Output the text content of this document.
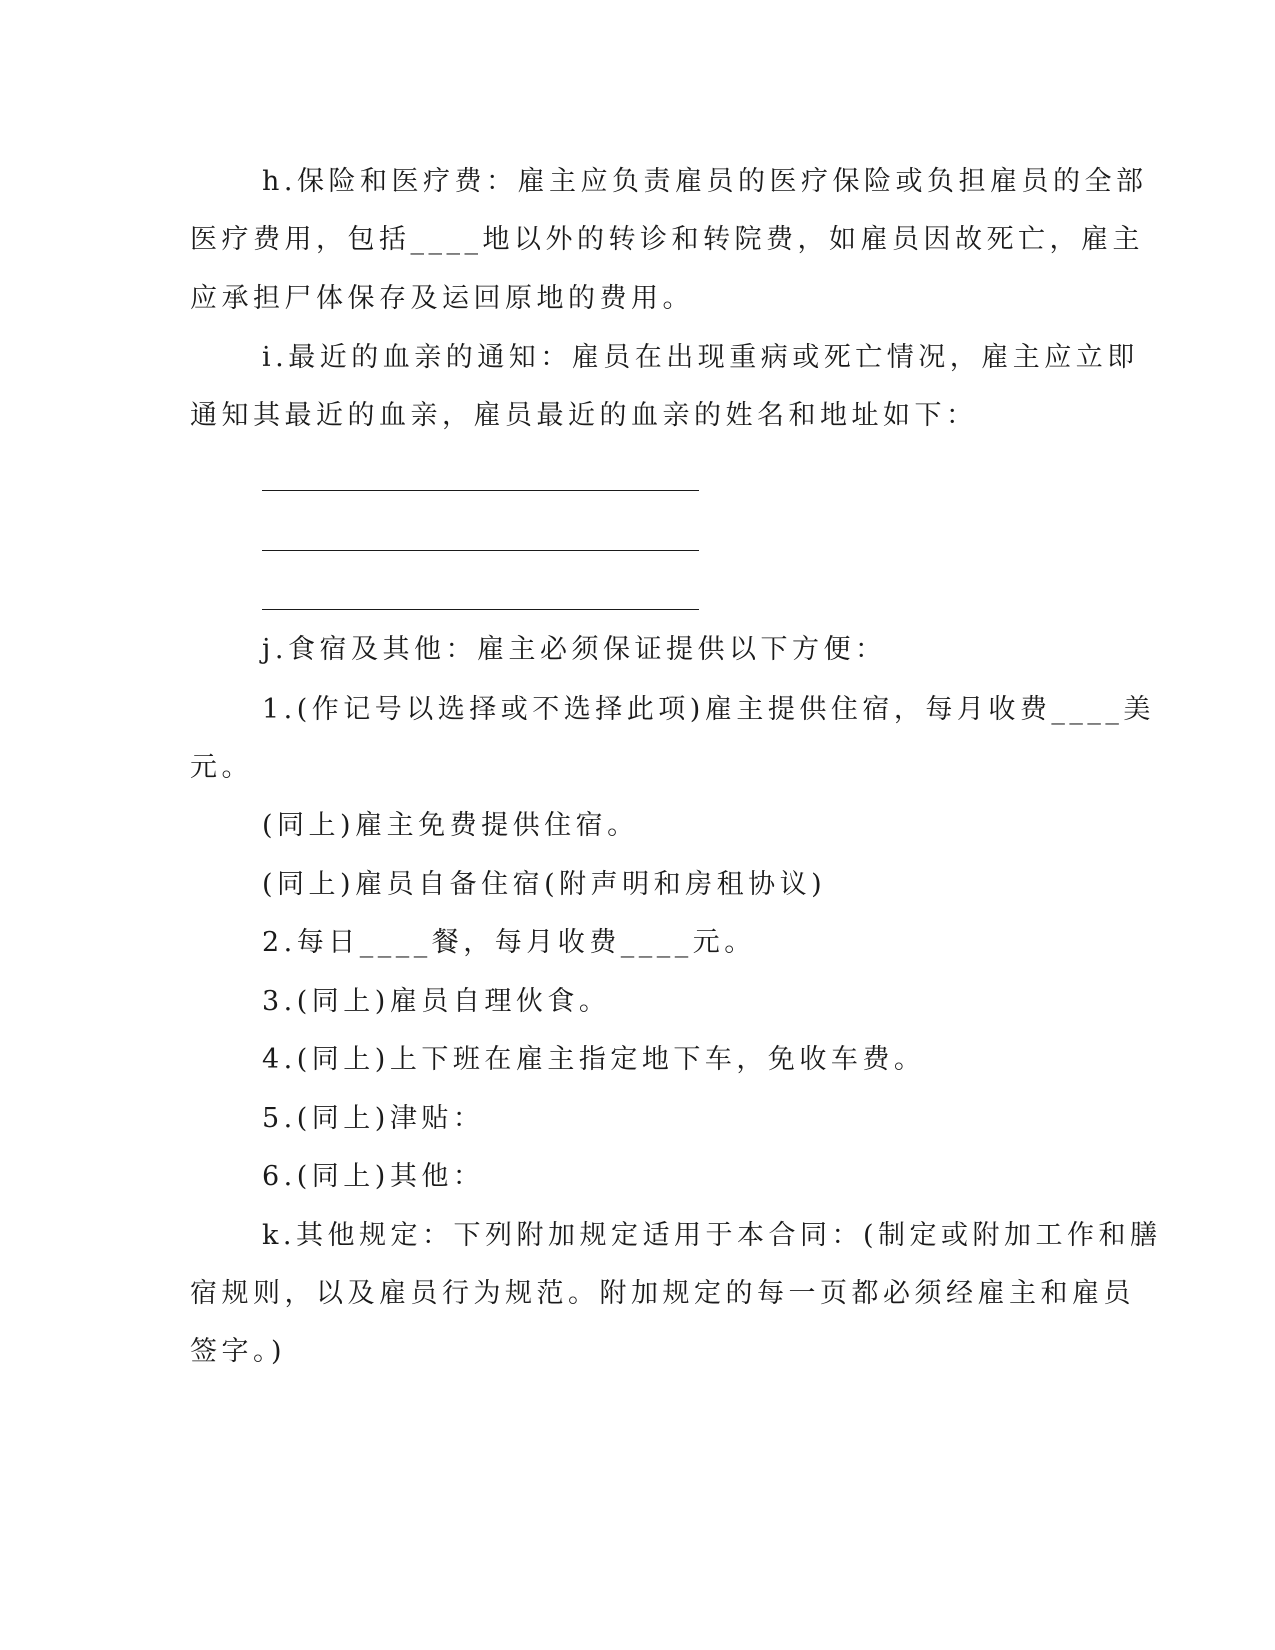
h.保险和医疗费：雇主应负责雇员的医疗保险或负担雇员的全部
医疗费用，包括____地以外的转诊和转院费，如雇员因故死亡，雇主
应承担尸体保存及运回原地的费用。
i.最近的血亲的通知：雇员在出现重病或死亡情况，雇主应立即
通知其最近的血亲，雇员最近的血亲的姓名和地址如下：
j.食宿及其他：雇主必须保证提供以下方便：
1.(作记号以选择或不选择此项)雇主提供住宿，每月收费____美
元。
(同上)雇主免费提供住宿。
(同上)雇员自备住宿(附声明和房租协议)
2.每日____餐，每月收费____元。
3.(同上)雇员自理伙食。
4.(同上)上下班在雇主指定地下车，免收车费。
5.(同上)津贴：
6.(同上)其他：
k.其他规定：下列附加规定适用于本合同：(制定或附加工作和膳
宿规则，以及雇员行为规范。附加规定的每一页都必须经雇主和雇员
签字。)
